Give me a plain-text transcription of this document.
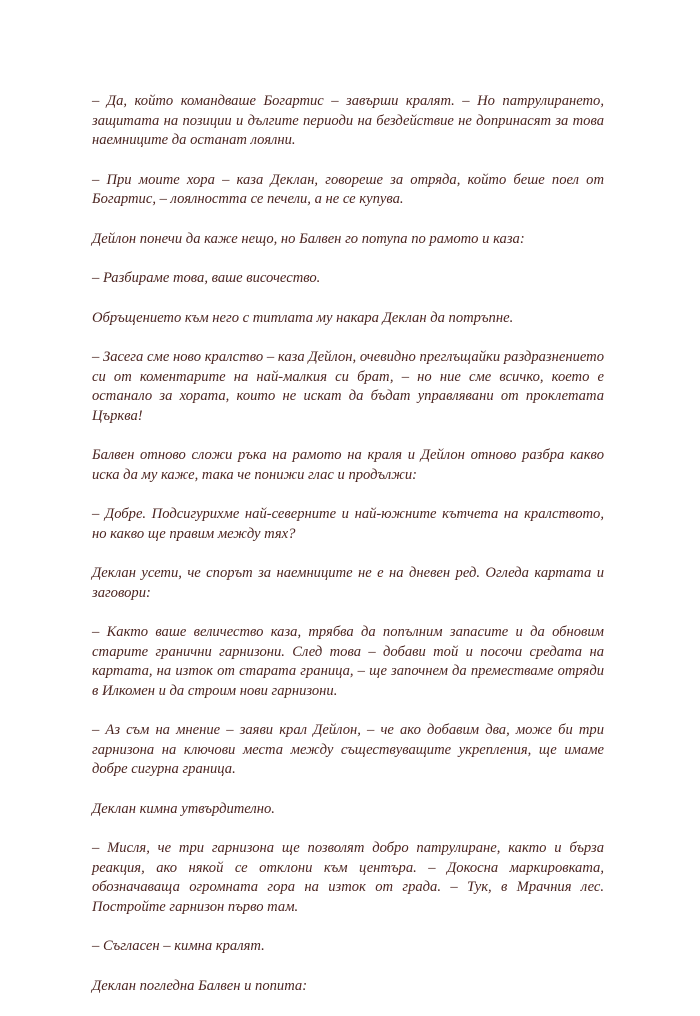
– Да, който командваше Богартис – завърши кралят. – Но патрулирането, защитата на позиции и дългите периоди на бездействие не допринасят за това наемниците да останат лоялни.

– При моите хора – каза Деклан, говореше за отряда, който беше поел от Богартис, – лоялността се печели, а не се купува.

Дейлон понечи да каже нещо, но Балвен го потупа по рамото и каза:

– Разбираме това, ваше височество.

Обръщението към него с титлата му накара Деклан да потръпне.

– Засега сме ново кралство – каза Дейлон, очевидно преглъщайки раздразнението си от коментарите на най-малкия си брат, – но ние сме всичко, което е останало за хората, които не искат да бъдат управлявани от проклетата Църква!

Балвен отново сложи ръка на рамото на краля и Дейлон отново разбра какво иска да му каже, така че понижи глас и продължи:

– Добре. Подсигурихме най-северните и най-южните кътчета на кралството, но какво ще правим между тях?

Деклан усети, че спорът за наемниците не е на дневен ред. Огледа картата и заговори:

– Както ваше величество каза, трябва да попълним запасите и да обновим старите гранични гарнизони. След това – добави той и посочи средата на картата, на изток от старата граница, – ще започнем да преместваме отряди в Илкомен и да строим нови гарнизони.

– Аз съм на мнение – заяви крал Дейлон, – че ако добавим два, може би три гарнизона на ключови места между съществуващите укрепления, ще имаме добре сигурна граница.

Деклан кимна утвърдително.

– Мисля, че три гарнизона ще позволят добро патрулиране, както и бърза реакция, ако някой се отклони към центъра. – Докосна маркировката, обозначаваща огромната гора на изток от града. – Тук, в Мрачния лес. Постройте гарнизон първо там.

– Съгласен – кимна кралят.

Деклан погледна Балвен и попита:
